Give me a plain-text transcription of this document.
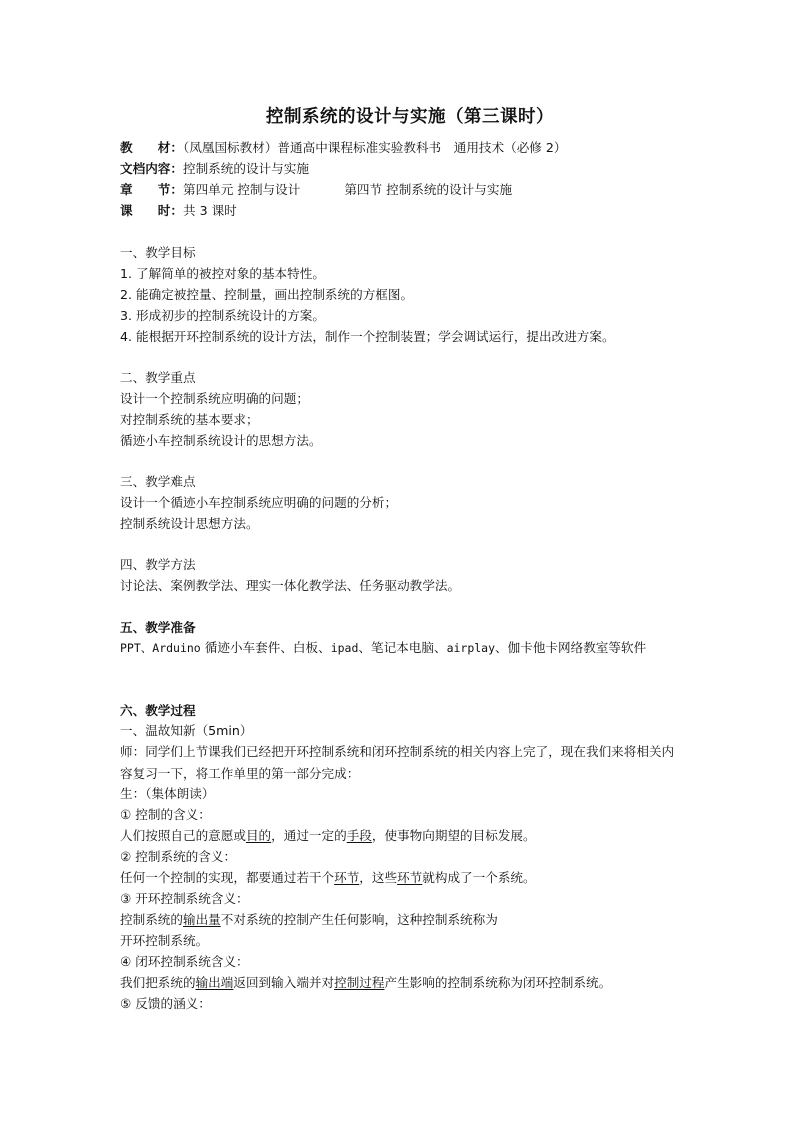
控制系统的设计与实施（第三课时）
教　　材：（凤凰国标教材）普通高中课程标准实验教科书　通用技术（必修 2）
文档内容：控制系统的设计与实施
章　　节：第四单元 控制与设计	第四节 控制系统的设计与实施
课　　时：共 3 课时
一、教学目标
1. 了解简单的被控对象的基本特性。
2. 能确定被控量、控制量，画出控制系统的方框图。
3. 形成初步的控制系统设计的方案。
4. 能根据开环控制系统的设计方法，制作一个控制装置；学会调试运行，提出改进方案。
二、教学重点
设计一个控制系统应明确的问题；
对控制系统的基本要求；
循迹小车控制系统设计的思想方法。
三、教学难点
设计一个循迹小车控制系统应明确的问题的分析；
控制系统设计思想方法。
四、教学方法
讨论法、案例教学法、理实一体化教学法、任务驱动教学法。
五、教学准备
PPT、Arduino 循迹小车套件、白板、ipad、笔记本电脑、airplay、伽卡他卡网络教室等软件
六、教学过程
一、温故知新（5min）
师：同学们上节课我们已经把开环控制系统和闭环控制系统的相关内容上完了，现在我们来将相关内容复习一下，将工作单里的第一部分完成：
生：（集体朗读）
① 控制的含义：
人们按照自己的意愿或目的，通过一定的手段，使事物向期望的目标发展。
② 控制系统的含义：
任何一个控制的实现，都要通过若干个环节，这些环节就构成了一个系统。
③ 开环控制系统含义：
控制系统的输出量不对系统的控制产生任何影响，这种控制系统称为
开环控制系统。
④ 闭环控制系统含义：
我们把系统的输出端返回到输入端并对控制过程产生影响的控制系统称为闭环控制系统。
⑤ 反馈的涵义：
